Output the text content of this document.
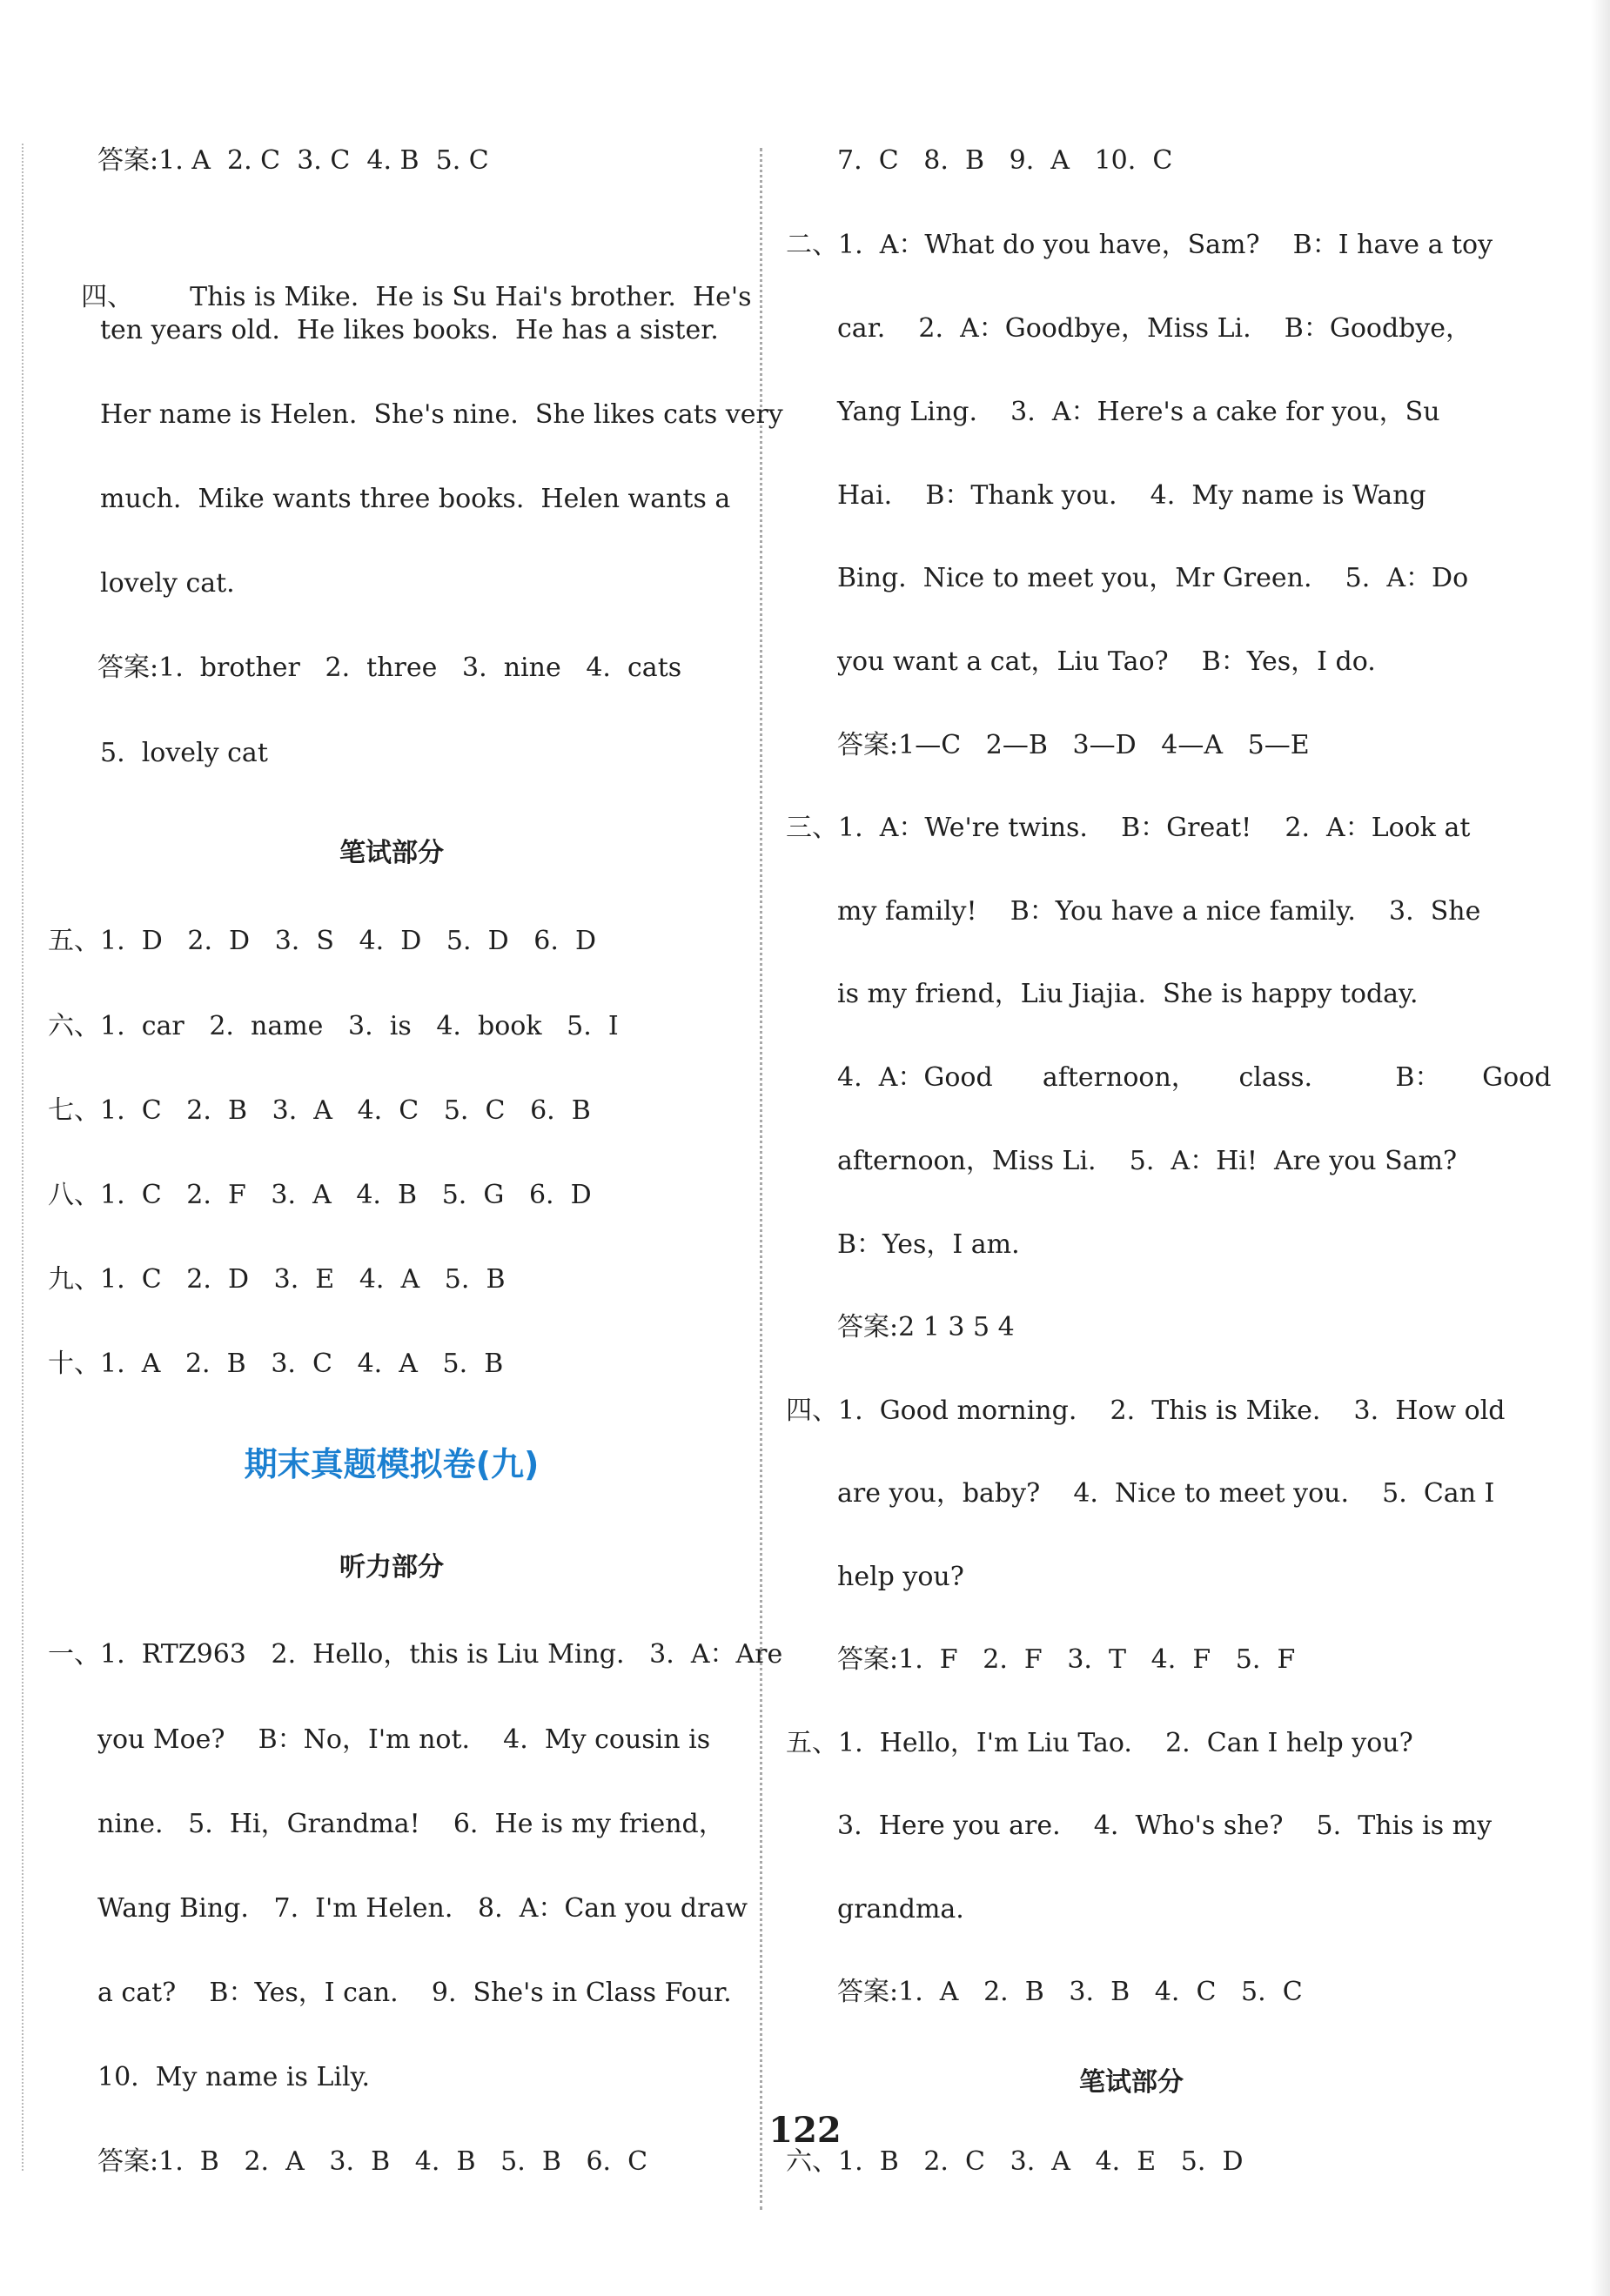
答案:1. A  2. C  3. C  4. B  5. C

四、 This is Mike.  He is Su Hai's brother.  He's

ten years old.  He likes books.  He has a sister.
Her name is Helen.  She's nine.  She likes cats very
much.  Mike wants three books.  Helen wants a
lovely cat.
答案:1.  brother   2.  three   3.  nine   4.  cats
5.  lovely cat
笔试部分
五、1.  D   2.  D   3.  S   4.  D   5.  D   6.  D
六、1.  car   2.  name   3.  is   4.  book   5.  I
七、1.  C   2.  B   3.  A   4.  C   5.  C   6.  B
八、1.  C   2.  F   3.  A   4.  B   5.  G   6.  D
九、1.  C   2.  D   3.  E   4.  A   5.  B
十、1.  A   2.  B   3.  C   4.  A   5.  B
期末真题模拟卷(九)
听力部分
一、1.  RTZ963   2.  Hello，this is Liu Ming.   3.  A：Are
you Moe?    B：No，I'm not.    4.  My cousin is
nine.   5.  Hi，Grandma!    6.  He is my friend，
Wang Bing.   7.  I'm Helen.   8.  A：Can you draw
a cat?    B：Yes，I can.    9.  She's in Class Four.
10.  My name is Lily.
答案:1.  B   2.  A   3.  B   4.  B   5.  B   6.  C
7.  C   8.  B   9.  A   10.  C
二、1.  A：What do you have，Sam?    B：I have a toy
car.    2.  A：Goodbye，Miss Li.    B：Goodbye，
Yang Ling.    3.  A：Here's a cake for you，Su
Hai.    B：Thank you.    4.  My name is Wang
Bing.  Nice to meet you，Mr Green.    5.  A：Do
you want a cat，Liu Tao?    B：Yes，I do.
答案:1—C   2—B   3—D   4—A   5—E
三、1.  A：We're twins.    B：Great!    2.  A：Look at
my family!    B：You have a nice family.    3.  She
is my friend，Liu Jiajia.  She is happy today.
4.  A：Good      afternoon，     class.          B：     Good
afternoon，Miss Li.    5.  A：Hi!  Are you Sam?
B：Yes，I am.
答案:2 1 3 5 4
四、1.  Good morning.    2.  This is Mike.    3.  How old
are you，baby?    4.  Nice to meet you.    5.  Can I
help you?
答案:1.  F   2.  F   3.  T   4.  F   5.  F
五、1.  Hello，I'm Liu Tao.    2.  Can I help you?
3.  Here you are.    4.  Who's she?    5.  This is my
grandma.
答案:1.  A   2.  B   3.  B   4.  C   5.  C
笔试部分
六、1.  B   2.  C   3.  A   4.  E   5.  D
122
